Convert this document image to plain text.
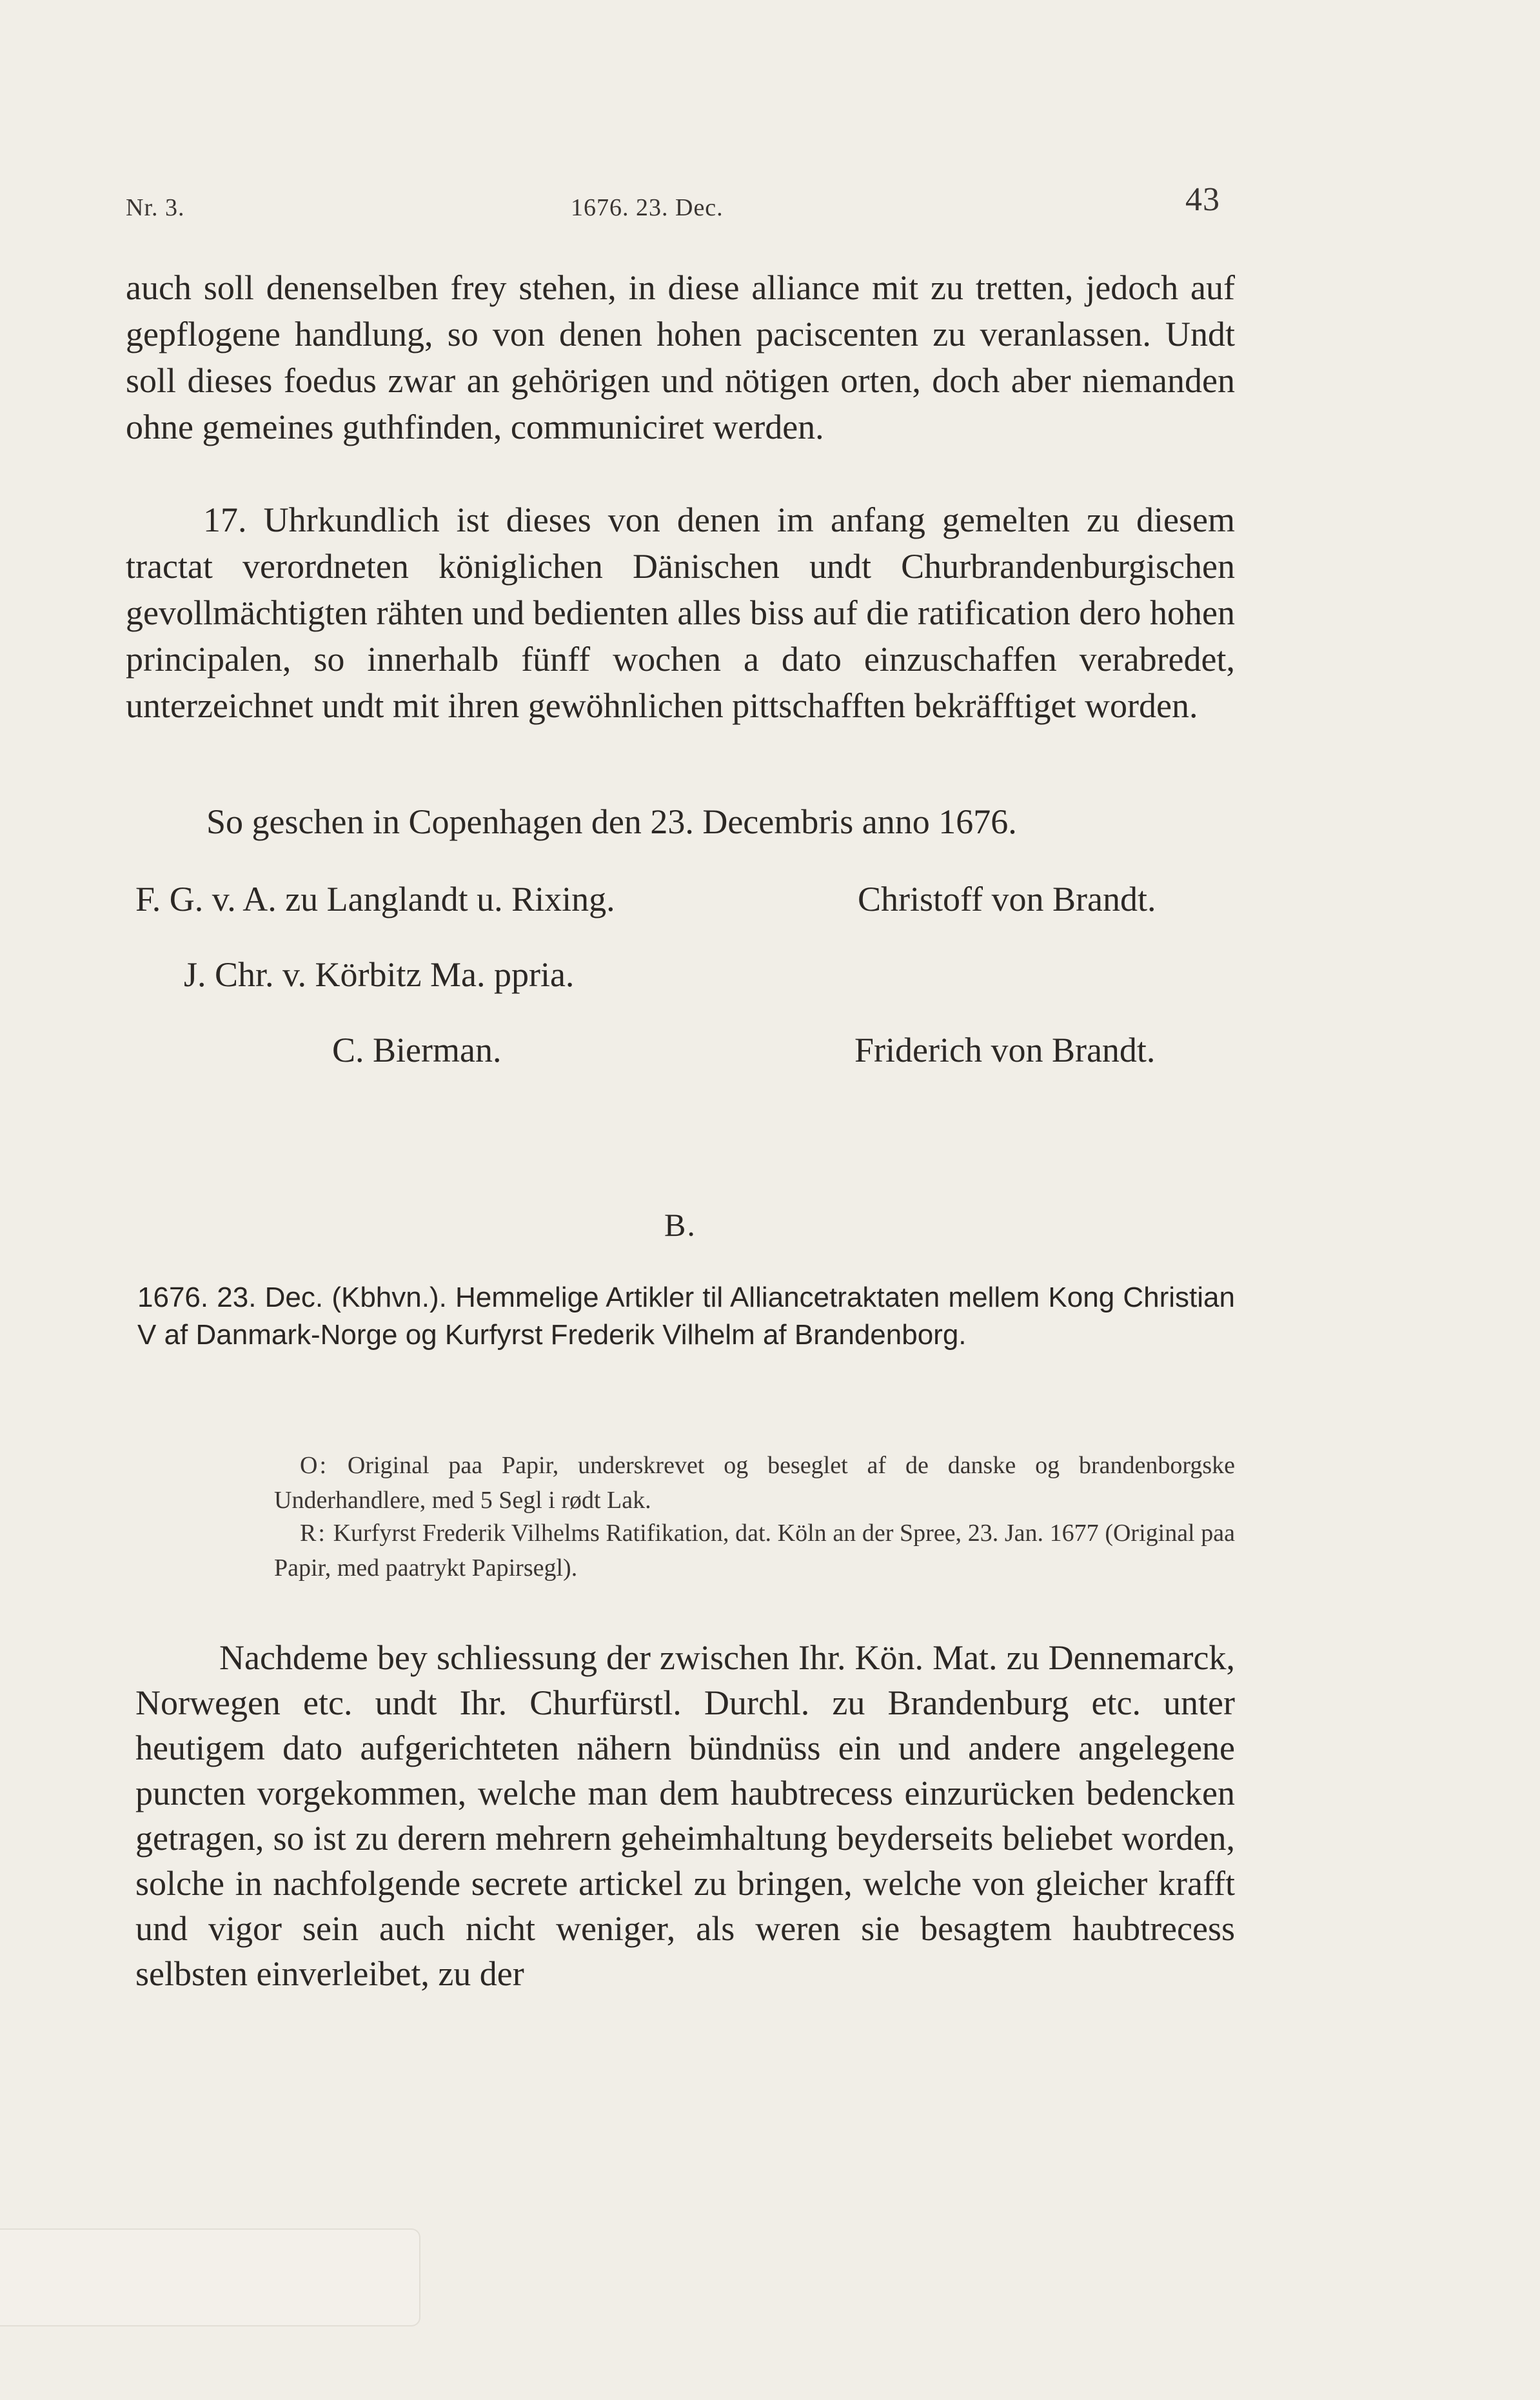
Nr. 3.	1676. 23. Dec.	43
auch soll denenselben frey stehen, in diese alliance mit zu tretten, jedoch auf gepflogene handlung, so von denen hohen paciscenten zu veranlassen. Undt soll dieses foedus zwar an gehörigen und nötigen orten, doch aber niemanden ohne gemeines guthfinden, communiciret werden.
17. Uhrkundlich ist dieses von denen im anfang gemelten zu diesem tractat verordneten königlichen Dänischen undt Churbrandenburgischen gevollmächtigten rähten und bedienten alles biss auf die ratification dero hohen principalen, so innerhalb fünff wochen a dato einzuschaffen verabredet, unterzeichnet undt mit ihren gewöhnlichen pittschafften bekräfftiget worden.
So geschen in Copenhagen den 23. Decembris anno 1676.
F. G. v. A. zu Langlandt u. Rixing.	Christoff von Brandt.
J. Chr. v. Körbitz Ma. ppria.
C. Bierman.	Friderich von Brandt.
B.
1676. 23. Dec. (Kbhvn.). Hemmelige Artikler til Alliancetraktaten mellem Kong Christian V af Danmark-Norge og Kurfyrst Frederik Vilhelm af Brandenborg.
O: Original paa Papir, underskrevet og beseglet af de danske og brandenborgske Underhandlere, med 5 Segl i rødt Lak.
R: Kurfyrst Frederik Vilhelms Ratifikation, dat. Köln an der Spree, 23. Jan. 1677 (Original paa Papir, med paatrykt Papirsegl).
Nachdeme bey schliessung der zwischen Ihr. Kön. Mat. zu Dennemarck, Norwegen etc. undt Ihr. Churfürstl. Durchl. zu Brandenburg etc. unter heutigem dato aufgerichteten nähern bündnüss ein und andere angelegene puncten vorgekommen, welche man dem haubtrecess einzurücken bedencken getragen, so ist zu derern mehrern geheimhaltung beyderseits beliebet worden, solche in nachfolgende secrete artickel zu bringen, welche von gleicher krafft und vigor sein auch nicht weniger, als weren sie besagtem haubtrecess selbsten einverleibet, zu der
